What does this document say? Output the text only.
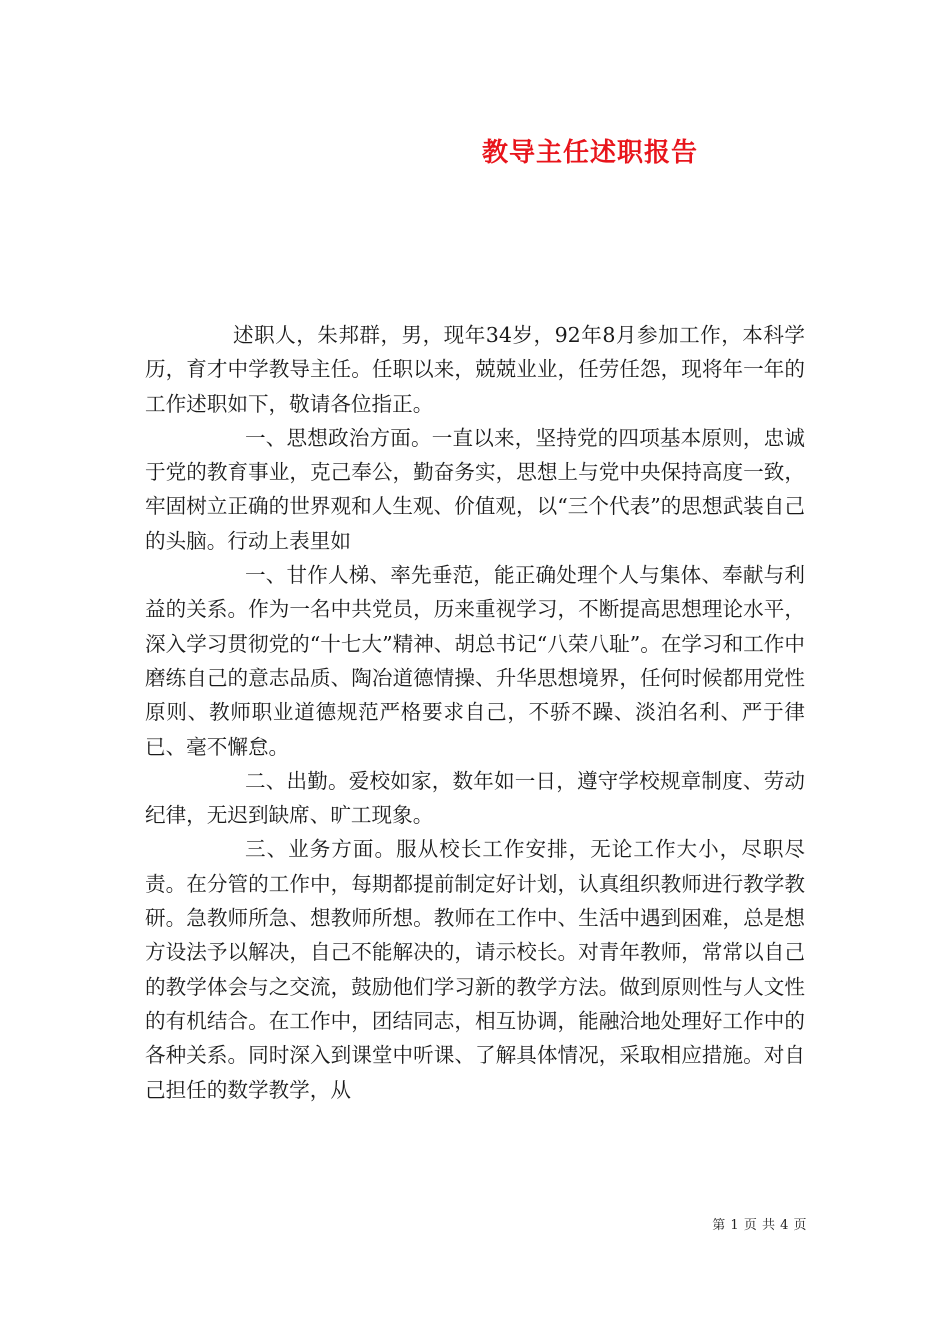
教导主任述职报告

述职人，朱邦群，男，现年34岁，92年8月参加工作，本科学历，育才中学教导主任。任职以来，兢兢业业，任劳任怨，现将年一年的工作述职如下，敬请各位指正。

一、思想政治方面。一直以来，坚持党的四项基本原则，忠诚于党的教育事业，克己奉公，勤奋务实，思想上与党中央保持高度一致，牢固树立正确的世界观和人生观、价值观，以“三个代表”的思想武装自己的头脑。行动上表里如

一、甘作人梯、率先垂范，能正确处理个人与集体、奉献与利益的关系。作为一名中共党员，历来重视学习，不断提高思想理论水平，深入学习贯彻党的“十七大”精神、胡总书记“八荣八耻”。在学习和工作中磨练自己的意志品质、陶冶道德情操、升华思想境界，任何时候都用党性原则、教师职业道德规范严格要求自己，不骄不躁、淡泊名利、严于律已、毫不懈怠。

二、出勤。爱校如家，数年如一日，遵守学校规章制度、劳动纪律，无迟到缺席、旷工现象。

三、业务方面。服从校长工作安排，无论工作大小，尽职尽责。在分管的工作中，每期都提前制定好计划，认真组织教师进行教学教研。急教师所急、想教师所想。教师在工作中、生活中遇到困难，总是想方设法予以解决，自己不能解决的，请示校长。对青年教师，常常以自己的教学体会与之交流，鼓励他们学习新的教学方法。做到原则性与人文性的有机结合。在工作中，团结同志，相互协调，能融洽地处理好工作中的各种关系。同时深入到课堂中听课、了解具体情况，采取相应措施。对自己担任的数学教学，从

第 1 页 共 4 页
